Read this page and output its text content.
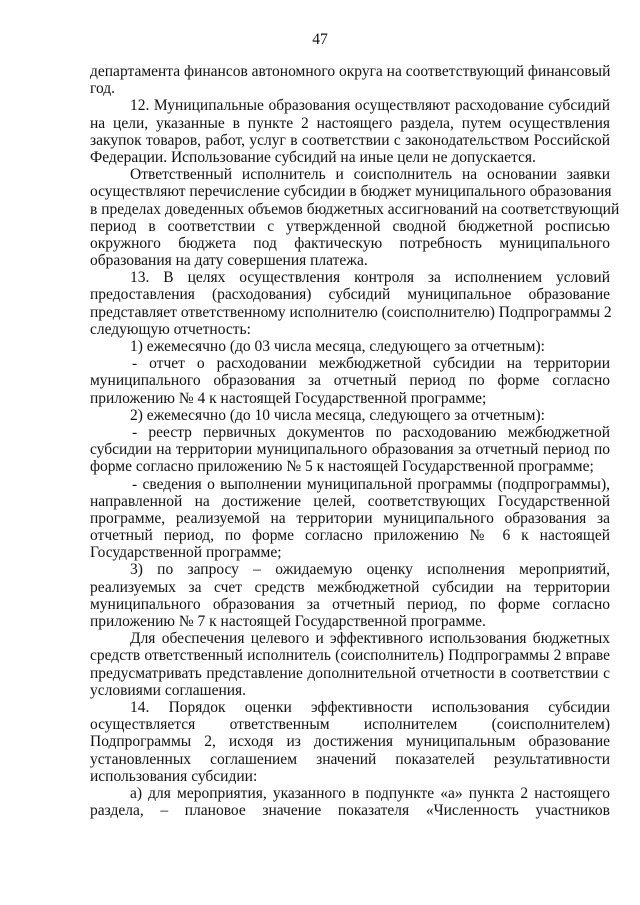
47
департамента финансов автономного округа на соответствующий финансовый
год.
12. Муниципальные образования осуществляют расходование субсидий
на цели, указанные в пункте 2 настоящего раздела, путем осуществления
закупок товаров, работ, услуг в соответствии с законодательством Российской
Федерации. Использование субсидий на иные цели не допускается.
Ответственный исполнитель и соисполнитель на основании заявки
осуществляют перечисление субсидии в бюджет муниципального образования
в пределах доведенных объемов бюджетных ассигнований на соответствующий
период в соответствии с утвержденной сводной бюджетной росписью
окружного бюджета под фактическую потребность муниципального
образования на дату совершения платежа.
13. В целях осуществления контроля за исполнением условий
предоставления (расходования) субсидий муниципальное образование
представляет ответственному исполнителю (соисполнителю) Подпрограммы 2
следующую отчетность:
1) ежемесячно (до 03 числа месяца, следующего за отчетным):
- отчет о расходовании межбюджетной субсидии на территории
муниципального образования за отчетный период по форме согласно
приложению № 4 к настоящей Государственной программе;
2) ежемесячно (до 10 числа месяца, следующего за отчетным):
- реестр первичных документов по расходованию межбюджетной
субсидии на территории муниципального образования за отчетный период по
форме согласно приложению № 5 к настоящей Государственной программе;
- сведения о выполнении муниципальной программы (подпрограммы),
направленной на достижение целей, соответствующих Государственной
программе, реализуемой на территории муниципального образования за
отчетный период, по форме согласно приложению № 6 к настоящей
Государственной программе;
3) по запросу – ожидаемую оценку исполнения мероприятий,
реализуемых за счет средств межбюджетной субсидии на территории
муниципального образования за отчетный период, по форме согласно
приложению № 7 к настоящей Государственной программе.
Для обеспечения целевого и эффективного использования бюджетных
средств ответственный исполнитель (соисполнитель) Подпрограммы 2 вправе
предусматривать представление дополнительной отчетности в соответствии с
условиями соглашения.
14. Порядок оценки эффективности использования субсидии
осуществляется ответственным исполнителем (соисполнителем)
Подпрограммы 2, исходя из достижения муниципальным образование
установленных соглашением значений показателей результативности
использования субсидии:
а) для мероприятия, указанного в подпункте «а» пункта 2 настоящего
раздела, – плановое значение показателя «Численность участников
